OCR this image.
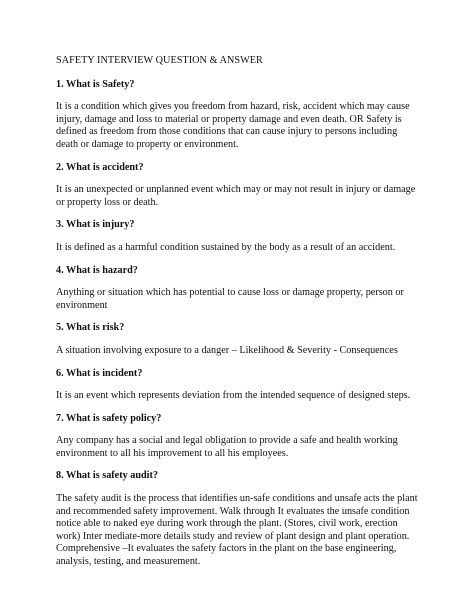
SAFETY INTERVIEW QUESTION & ANSWER

1. What is Safety?

It is a condition which gives you freedom from hazard, risk, accident which may cause injury, damage and loss to material or property damage and even death. OR Safety is defined as freedom from those conditions that can cause injury to persons including death or damage to property or environment.

2. What is accident?

It is an unexpected or unplanned event which may or may not result in injury or damage or property loss or death.

3. What is injury?

It is defined as a harmful condition sustained by the body as a result of an accident.

4. What is hazard?

Anything or situation which has potential to cause loss or damage property, person or environment

5. What is risk?

A situation involving exposure to a danger – Likelihood & Severity - Consequences

6. What is incident?

It is an event which represents deviation from the intended sequence of designed steps.

7. What is safety policy?

Any company has a social and legal obligation to provide a safe and health working environment to all his improvement to all his employees.

8. What is safety audit?

The safety audit is the process that identifies un-safe conditions and unsafe acts the plant and recommended safety improvement. Walk through It evaluates the unsafe condition notice able to naked eye during work through the plant. (Stores, civil work, erection work) Inter mediate-more details study and review of plant design and plant operation. Comprehensive –It evaluates the safety factors in the plant on the base engineering, analysis, testing, and measurement.
